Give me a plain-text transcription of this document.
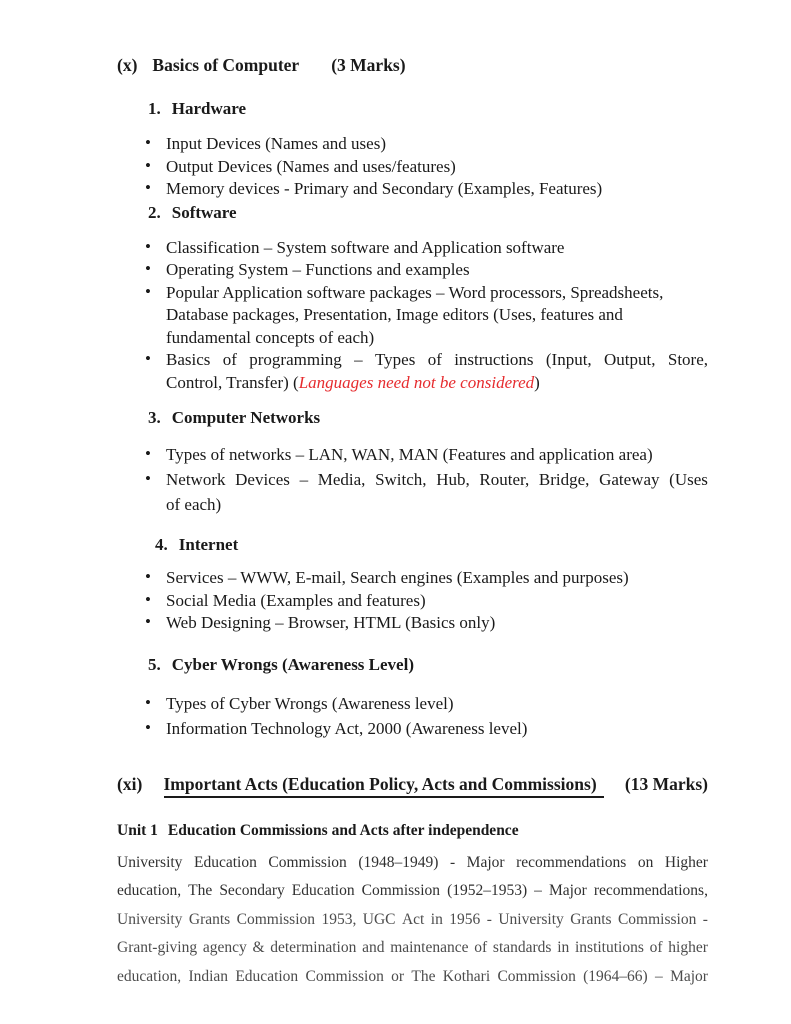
(x) Basics of Computer (3 Marks)
1. Hardware
• Input Devices (Names and uses)
• Output Devices (Names and uses/features)
• Memory devices - Primary and Secondary (Examples, Features)
2. Software
• Classification – System software and Application software
• Operating System – Functions and examples
• Popular Application software packages – Word processors, Spreadsheets,
Database packages, Presentation, Image editors (Uses, features and
fundamental concepts of each)
• Basics of programming – Types of instructions (Input, Output, Store,
Control, Transfer) (Languages need not be considered)
3. Computer Networks
• Types of networks – LAN, WAN, MAN (Features and application area)
• Network Devices – Media, Switch, Hub, Router, Bridge, Gateway (Uses
of each)
4. Internet
• Services – WWW, E-mail, Search engines (Examples and purposes)
• Social Media (Examples and features)
• Web Designing – Browser, HTML (Basics only)
5. Cyber Wrongs (Awareness Level)
• Types of Cyber Wrongs (Awareness level)
• Information Technology Act, 2000 (Awareness level)
(xi) Important Acts (Education Policy, Acts and Commissions)	(13 Marks)
Unit 1 Education Commissions and Acts after independence
University Education Commission (1948–1949) - Major recommendations on Higher
education, The Secondary Education Commission (1952–1953) – Major recommendations,
University Grants Commission 1953, UGC Act in 1956 - University Grants Commission -
Grant-giving agency & determination and maintenance of standards in institutions of higher
education, Indian Education Commission or The Kothari Commission (1964–66) – Major
